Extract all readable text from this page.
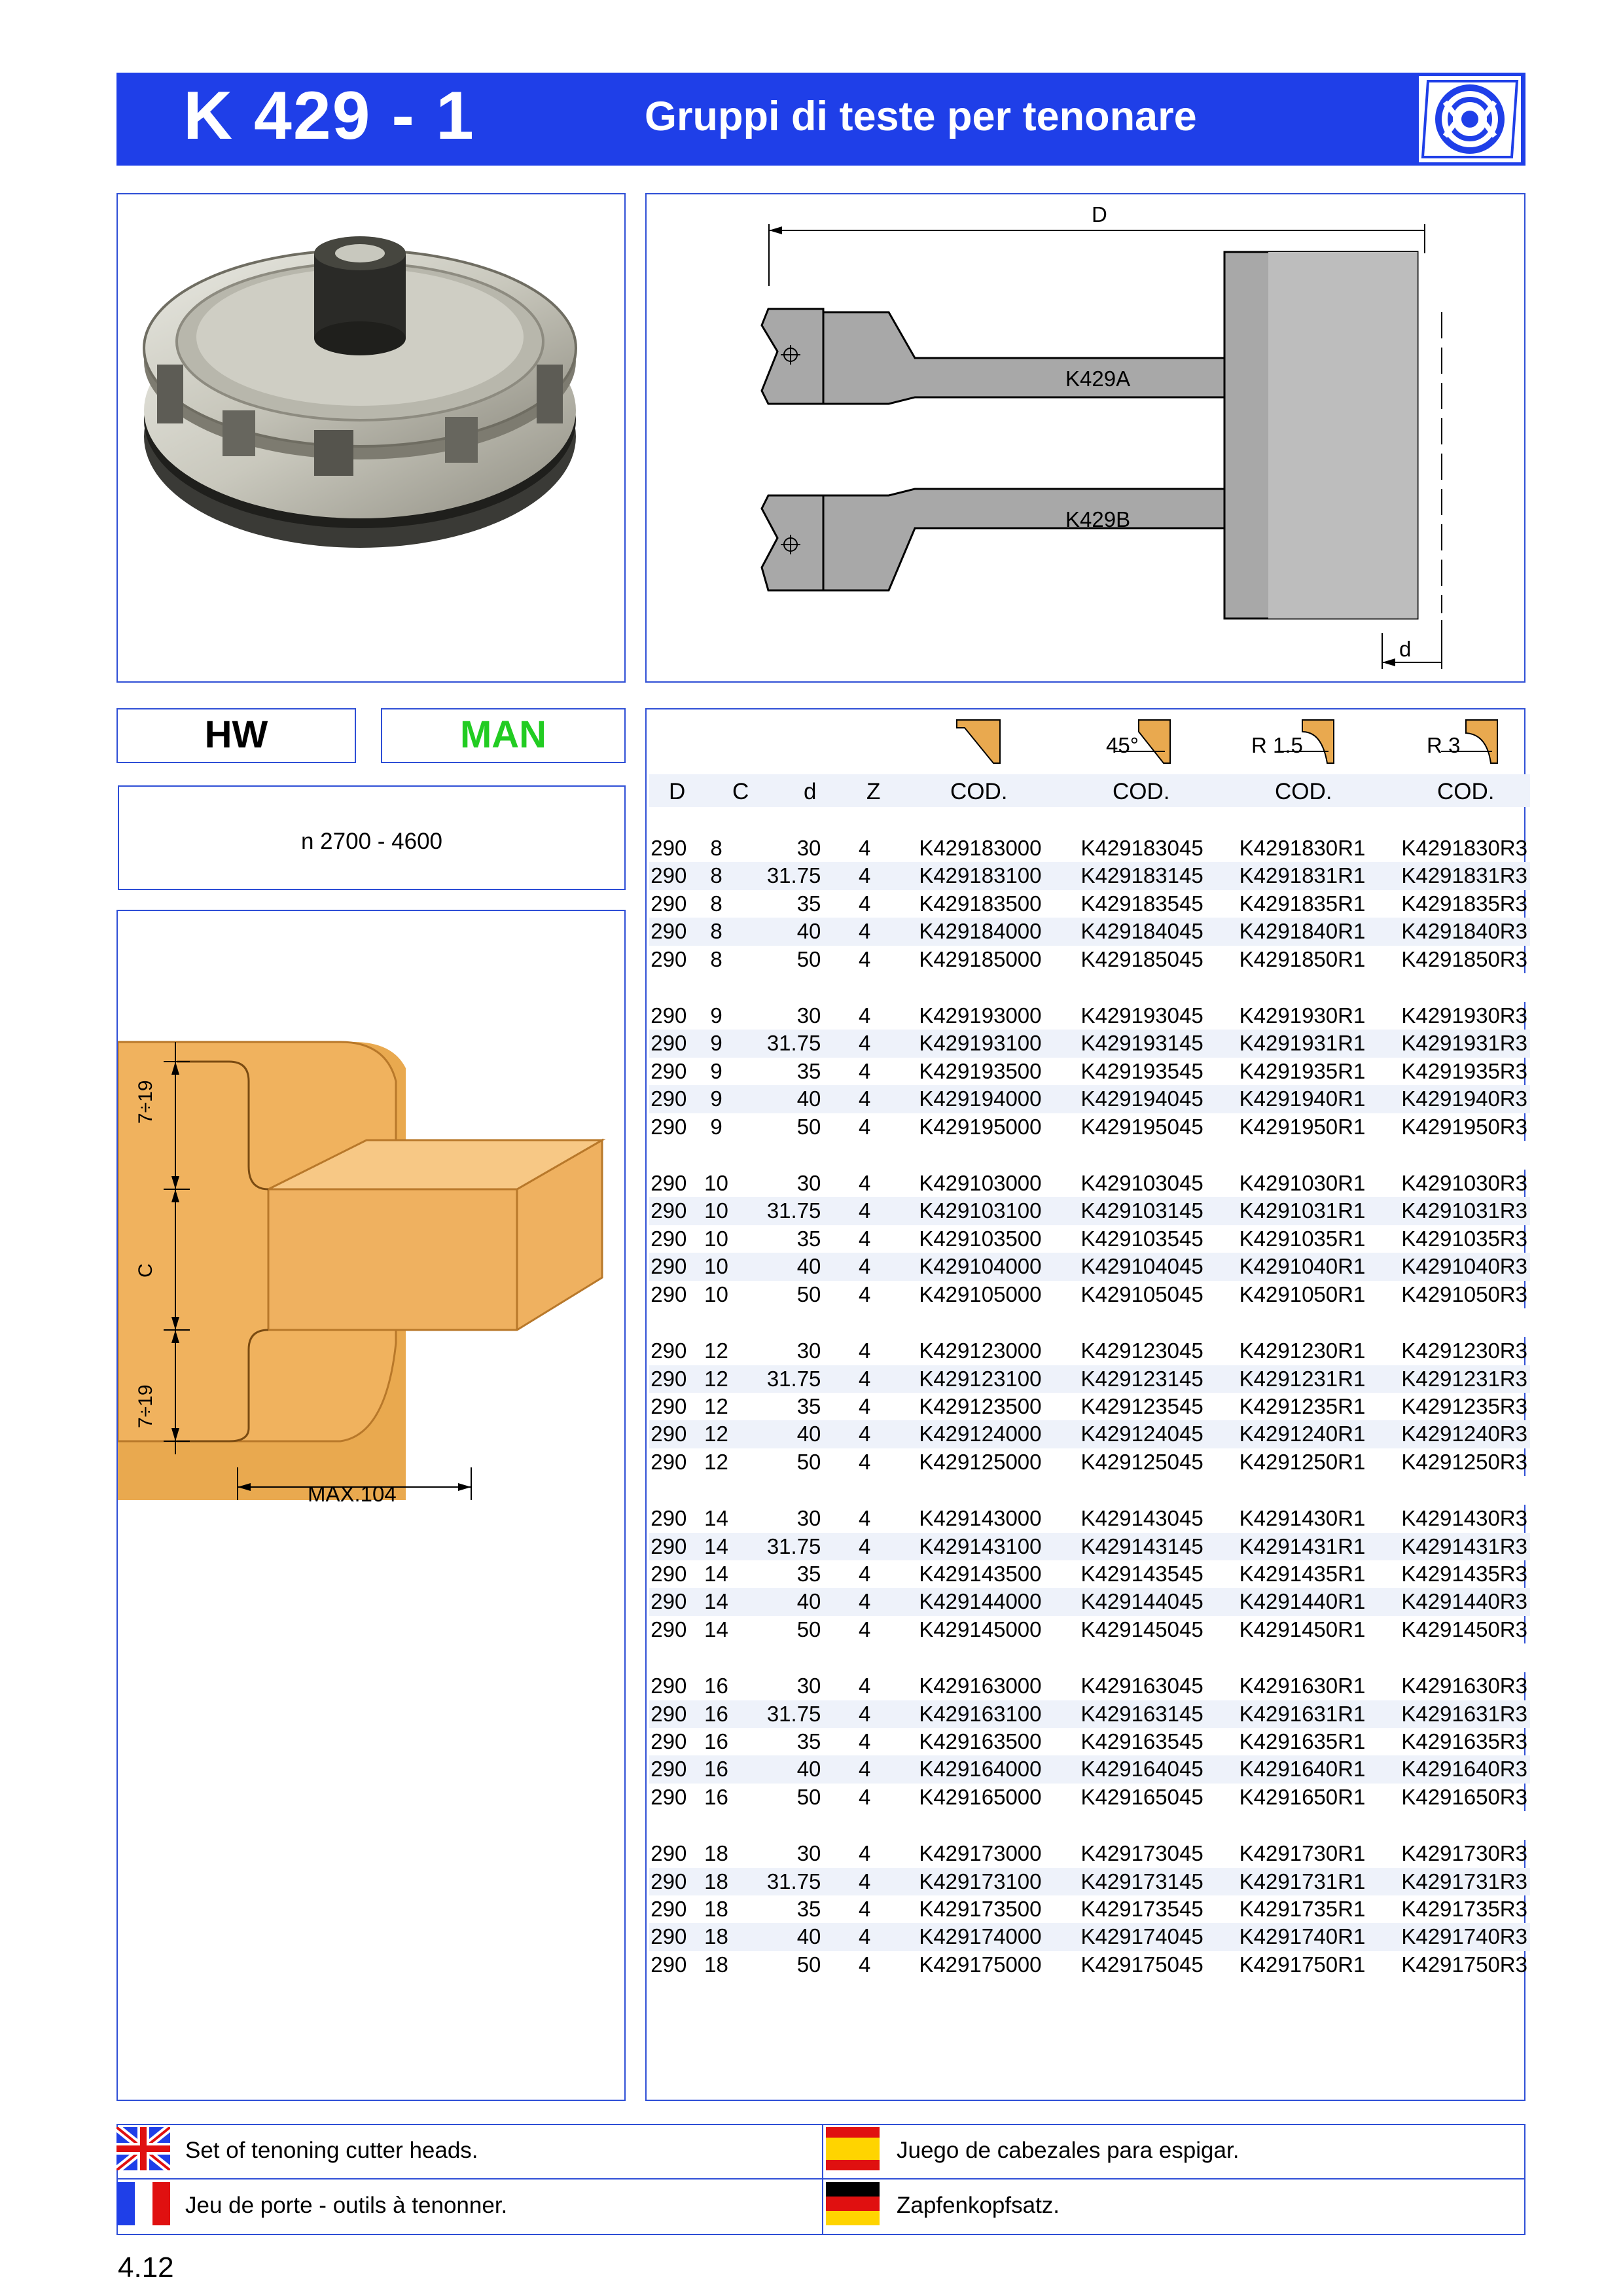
K 429 - 1	Gruppi di teste per tenonare
D
d
K429A
K429B
HW	MAN
n 2700 - 4600
7÷19
C
7÷19
MAX.104
45°	R 1.5	R 3
D C d Z	COD.	COD.	COD.	COD.
290	8	30	4	K429183000	K429183045	K4291830R1	K4291830R3
290	8	31.75	4	K429183100	K429183145	K4291831R1	K4291831R3
290	8	35	4	K429183500	K429183545	K4291835R1	K4291835R3
290	8	40	4	K429184000	K429184045	K4291840R1	K4291840R3
290	8	50	4	K429185000	K429185045	K4291850R1	K4291850R3

290	9	30	4	K429193000	K429193045	K4291930R1	K4291930R3
290	9	31.75	4	K429193100	K429193145	K4291931R1	K4291931R3
290	9	35	4	K429193500	K429193545	K4291935R1	K4291935R3
290	9	40	4	K429194000	K429194045	K4291940R1	K4291940R3
290	9	50	4	K429195000	K429195045	K4291950R1	K4291950R3

290	10	30	4	K429103000	K429103045	K4291030R1	K4291030R3
290	10	31.75	4	K429103100	K429103145	K4291031R1	K4291031R3
290	10	35	4	K429103500	K429103545	K4291035R1	K4291035R3
290	10	40	4	K429104000	K429104045	K4291040R1	K4291040R3
290	10	50	4	K429105000	K429105045	K4291050R1	K4291050R3

290	12	30	4	K429123000	K429123045	K4291230R1	K4291230R3
290	12	31.75	4	K429123100	K429123145	K4291231R1	K4291231R3
290	12	35	4	K429123500	K429123545	K4291235R1	K4291235R3
290	12	40	4	K429124000	K429124045	K4291240R1	K4291240R3
290	12	50	4	K429125000	K429125045	K4291250R1	K4291250R3

290	14	30	4	K429143000	K429143045	K4291430R1	K4291430R3
290	14	31.75	4	K429143100	K429143145	K4291431R1	K4291431R3
290	14	35	4	K429143500	K429143545	K4291435R1	K4291435R3
290	14	40	4	K429144000	K429144045	K4291440R1	K4291440R3
290	14	50	4	K429145000	K429145045	K4291450R1	K4291450R3

290	16	30	4	K429163000	K429163045	K4291630R1	K4291630R3
290	16	31.75	4	K429163100	K429163145	K4291631R1	K4291631R3
290	16	35	4	K429163500	K429163545	K4291635R1	K4291635R3
290	16	40	4	K429164000	K429164045	K4291640R1	K4291640R3
290	16	50	4	K429165000	K429165045	K4291650R1	K4291650R3

290	18	30	4	K429173000	K429173045	K4291730R1	K4291730R3
290	18	31.75	4	K429173100	K429173145	K4291731R1	K4291731R3
290	18	35	4	K429173500	K429173545	K4291735R1	K4291735R3
290	18	40	4	K429174000	K429174045	K4291740R1	K4291740R3
290	18	50	4	K429175000	K429175045	K4291750R1	K4291750R3
Set of tenoning cutter heads.	Juego de cabezales para espigar.
Jeu de porte - outils à tenonner.	Zapfenkopfsatz.
4.12
